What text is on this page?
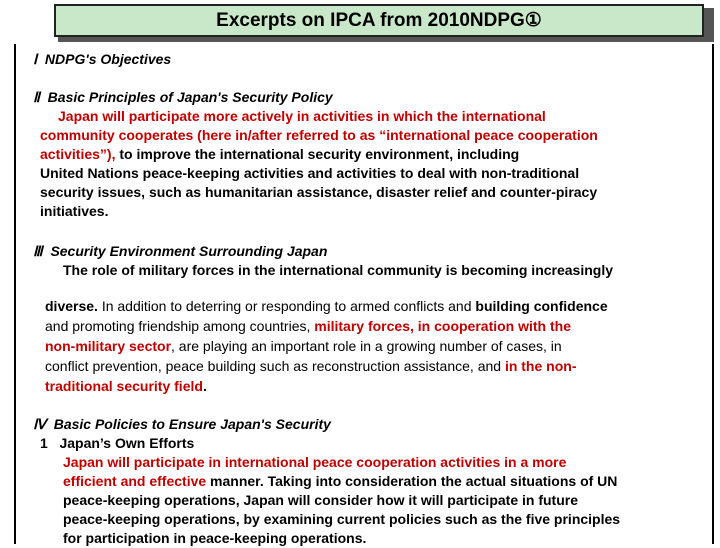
Excerpts on IPCA from 2010NDPG①
Ⅰ NDPG's Objectives
Ⅱ Basic Principles of Japan's Security Policy
Japan will participate more actively in activities in which the international
community cooperates (here in/after referred to as “international peace cooperation
activities”), to improve the international security environment, including
United Nations peace-keeping activities and activities to deal with non-traditional
security issues, such as humanitarian assistance, disaster relief and counter-piracy
initiatives.
Ⅲ Security Environment Surrounding Japan
The role of military forces in the international community is becoming increasingly
diverse. In addition to deterring or responding to armed conflicts and building confidence
and promoting friendship among countries, military forces, in cooperation with the
non-military sector, are playing an important role in a growing number of cases, in
conflict prevention, peace building such as reconstruction assistance, and in the non-
traditional security field.
Ⅳ Basic Policies to Ensure Japan's Security
1 Japan’s Own Efforts
Japan will participate in international peace cooperation activities in a more
efficient and effective manner. Taking into consideration the actual situations of UN
peace-keeping operations, Japan will consider how it will participate in future
peace-keeping operations, by examining current policies such as the five principles
for participation in peace-keeping operations.
